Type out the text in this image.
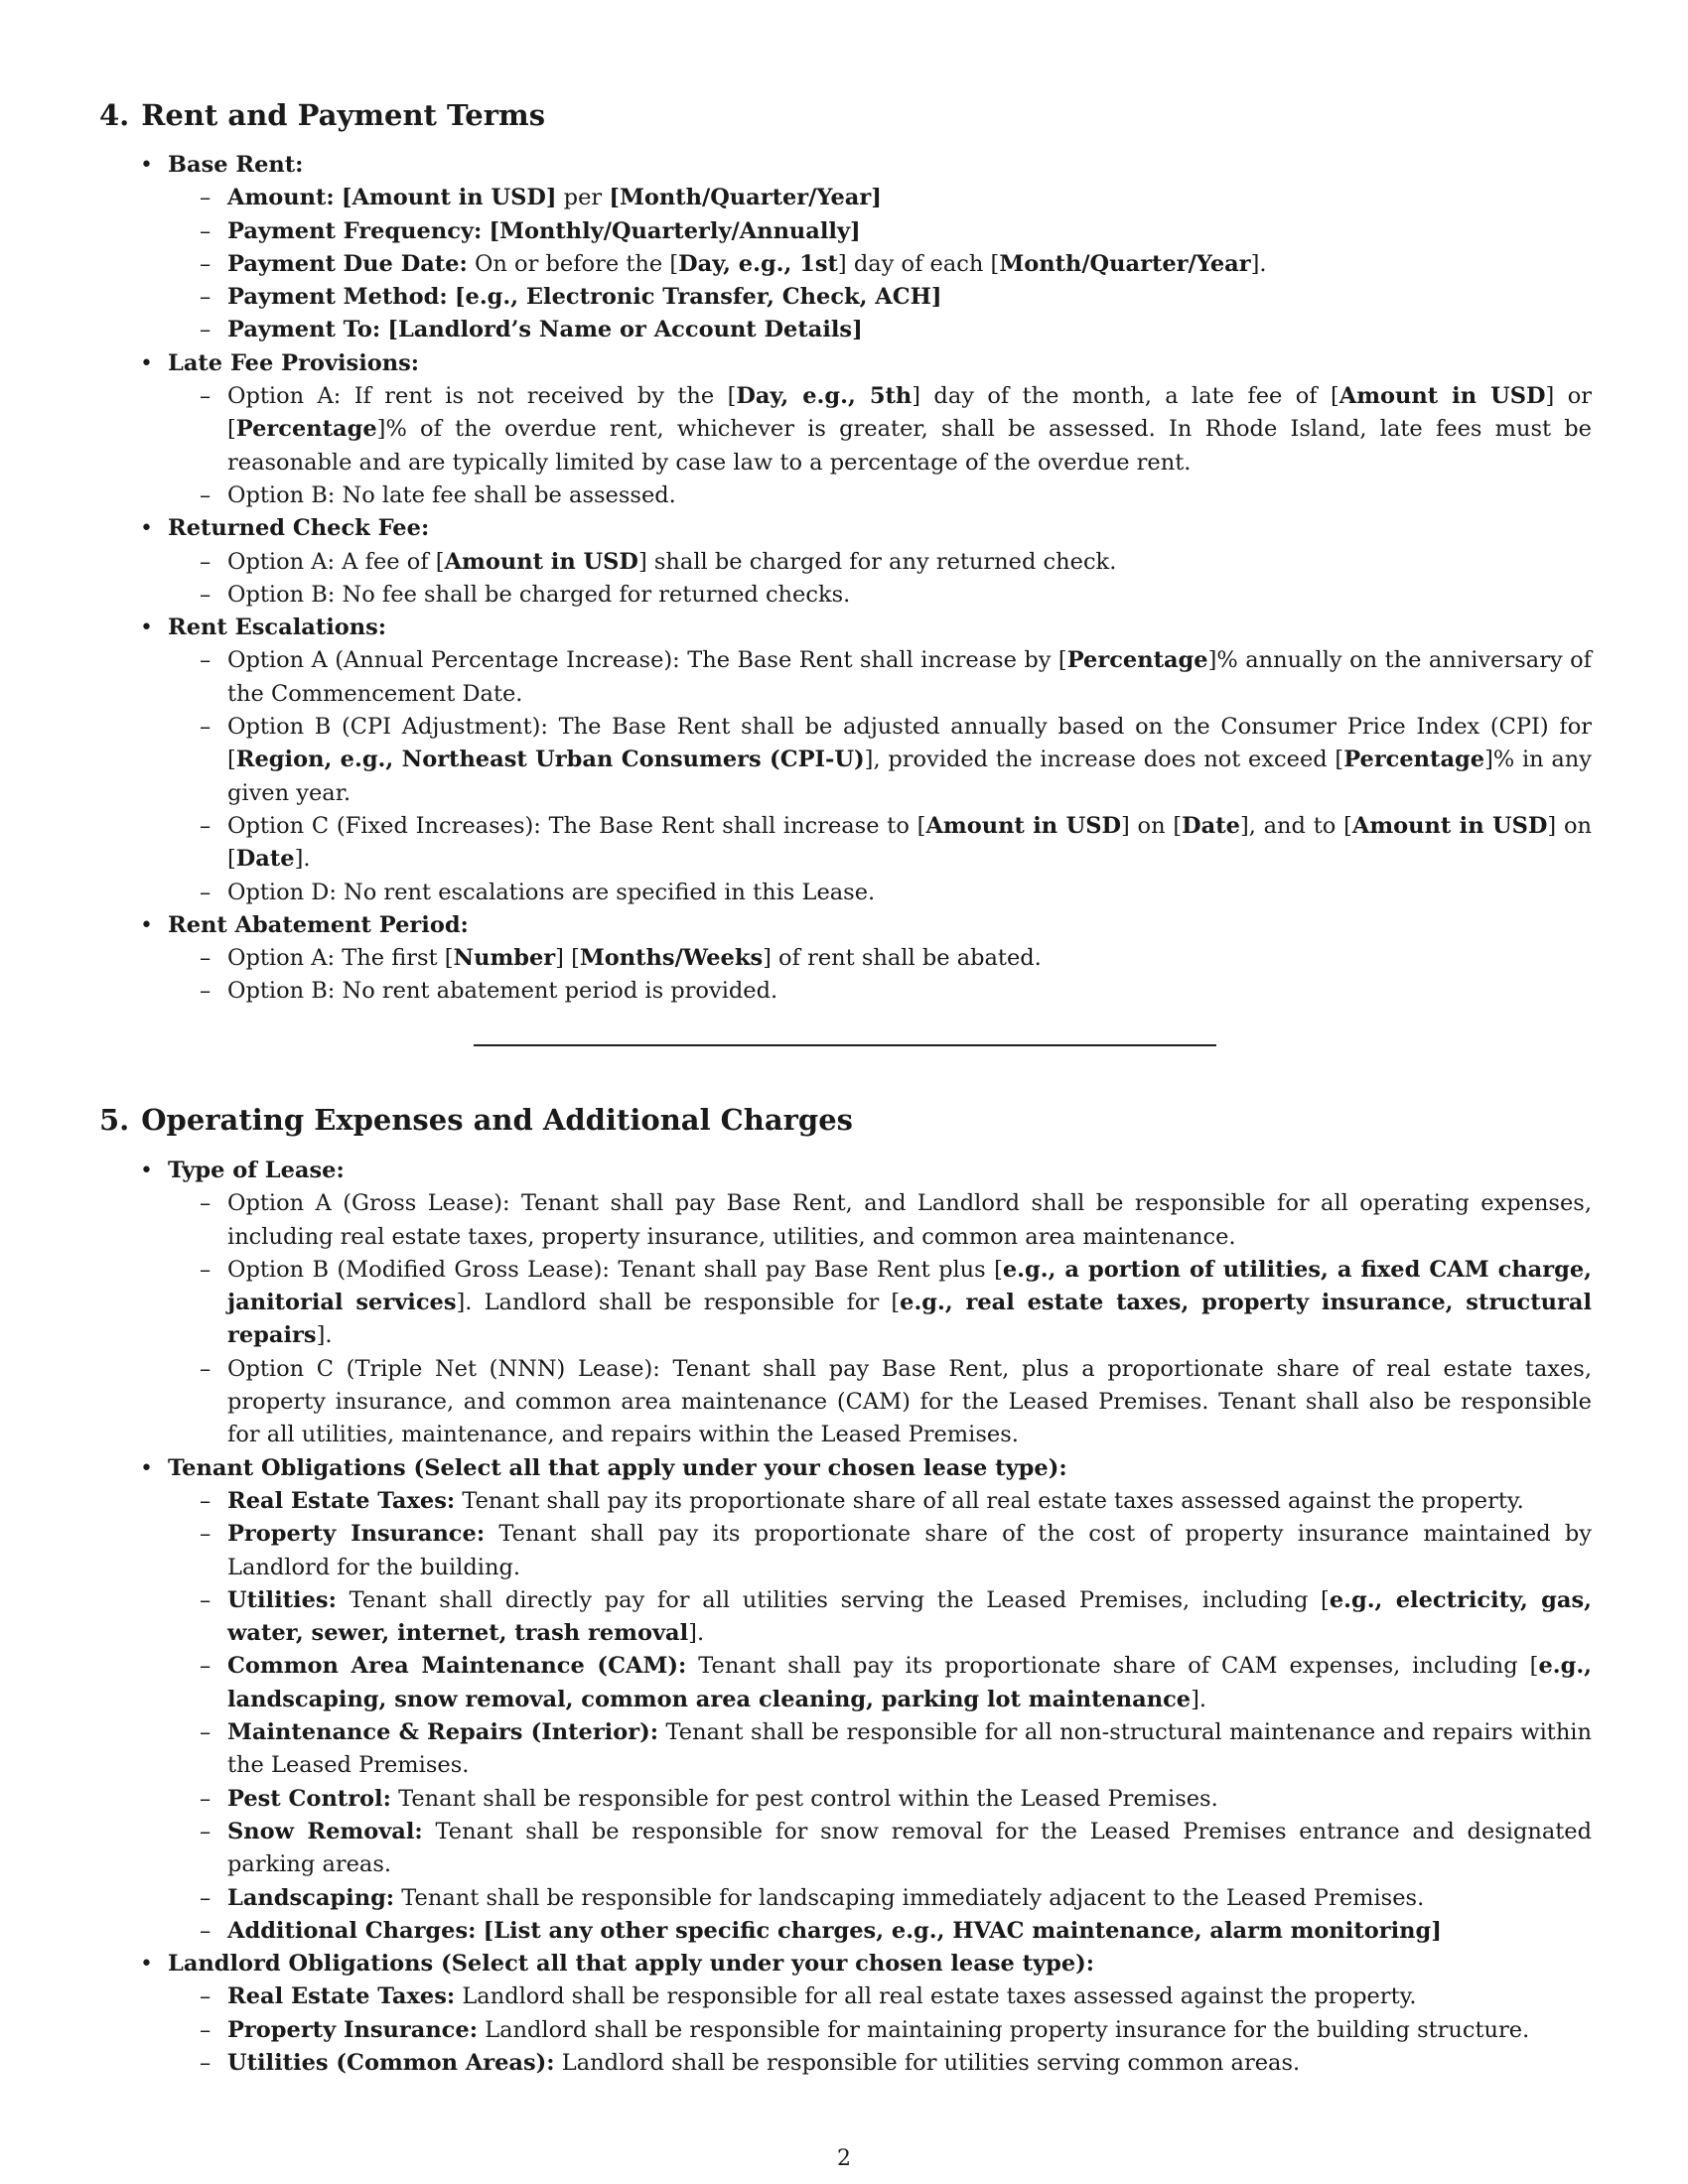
4. Rent and Payment Terms
• Base Rent:
– Amount: [Amount in USD] per [Month/Quarter/Year]
– Payment Frequency: [Monthly/Quarterly/Annually]
– Payment Due Date: On or before the [Day, e.g., 1st] day of each [Month/Quarter/Year].
– Payment Method: [e.g., Electronic Transfer, Check, ACH]
– Payment To: [Landlord’s Name or Account Details]
• Late Fee Provisions:
– Option A: If rent is not received by the [Day, e.g., 5th] day of the month, a late fee of [Amount in USD] or [Percentage]% of the overdue rent, whichever is greater, shall be assessed. In Rhode Island, late fees must be reasonable and are typically limited by case law to a percentage of the overdue rent.
– Option B: No late fee shall be assessed.
• Returned Check Fee:
– Option A: A fee of [Amount in USD] shall be charged for any returned check.
– Option B: No fee shall be charged for returned checks.
• Rent Escalations:
– Option A (Annual Percentage Increase): The Base Rent shall increase by [Percentage]% annually on the anniversary of the Commencement Date.
– Option B (CPI Adjustment): The Base Rent shall be adjusted annually based on the Consumer Price Index (CPI) for [Region, e.g., Northeast Urban Consumers (CPI-U)], provided the increase does not exceed [Percentage]% in any given year.
– Option C (Fixed Increases): The Base Rent shall increase to [Amount in USD] on [Date], and to [Amount in USD] on [Date].
– Option D: No rent escalations are specified in this Lease.
• Rent Abatement Period:
– Option A: The first [Number] [Months/Weeks] of rent shall be abated.
– Option B: No rent abatement period is provided.
5. Operating Expenses and Additional Charges
• Type of Lease:
– Option A (Gross Lease): Tenant shall pay Base Rent, and Landlord shall be responsible for all operating expenses, including real estate taxes, property insurance, utilities, and common area maintenance.
– Option B (Modified Gross Lease): Tenant shall pay Base Rent plus [e.g., a portion of utilities, a fixed CAM charge, janitorial services]. Landlord shall be responsible for [e.g., real estate taxes, property insurance, structural repairs].
– Option C (Triple Net (NNN) Lease): Tenant shall pay Base Rent, plus a proportionate share of real estate taxes, property insurance, and common area maintenance (CAM) for the Leased Premises. Tenant shall also be responsible for all utilities, maintenance, and repairs within the Leased Premises.
• Tenant Obligations (Select all that apply under your chosen lease type):
– Real Estate Taxes: Tenant shall pay its proportionate share of all real estate taxes assessed against the property.
– Property Insurance: Tenant shall pay its proportionate share of the cost of property insurance maintained by Landlord for the building.
– Utilities: Tenant shall directly pay for all utilities serving the Leased Premises, including [e.g., electricity, gas, water, sewer, internet, trash removal].
– Common Area Maintenance (CAM): Tenant shall pay its proportionate share of CAM expenses, including [e.g., landscaping, snow removal, common area cleaning, parking lot maintenance].
– Maintenance & Repairs (Interior): Tenant shall be responsible for all non-structural maintenance and repairs within the Leased Premises.
– Pest Control: Tenant shall be responsible for pest control within the Leased Premises.
– Snow Removal: Tenant shall be responsible for snow removal for the Leased Premises entrance and designated parking areas.
– Landscaping: Tenant shall be responsible for landscaping immediately adjacent to the Leased Premises.
– Additional Charges: [List any other specific charges, e.g., HVAC maintenance, alarm monitoring]
• Landlord Obligations (Select all that apply under your chosen lease type):
– Real Estate Taxes: Landlord shall be responsible for all real estate taxes assessed against the property.
– Property Insurance: Landlord shall be responsible for maintaining property insurance for the building structure.
– Utilities (Common Areas): Landlord shall be responsible for utilities serving common areas.
2
